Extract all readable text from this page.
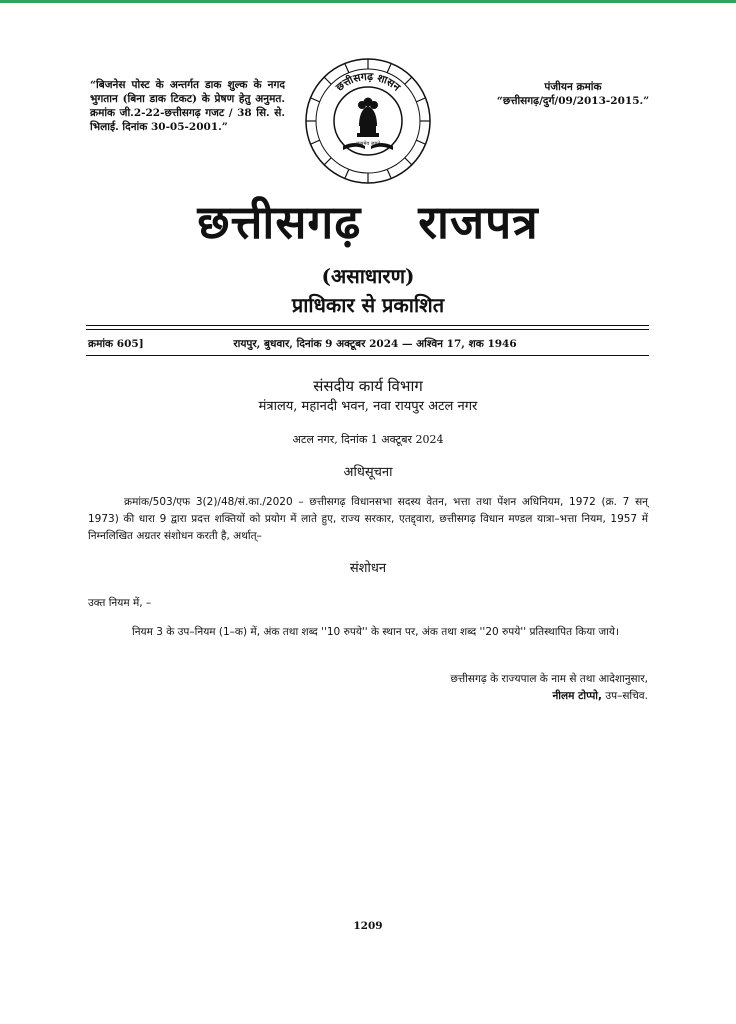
“बिजनेस पोस्ट के अन्तर्गत डाक शुल्क के नगद भुगतान (बिना डाक टिकट) के प्रेषण हेतु अनुमत. क्रमांक जी.2-22-छत्तीसगढ़ गजट / 38 सि. से. भिलाई. दिनांक 30-05-2001.”
पंजीयन क्रमांक
“छत्तीसगढ़/दुर्ग/09/2013-2015.”
छत्तीसगढ़ शासन
सत्यमेव जयते
छत्तीसगढ़ राजपत्र
(असाधारण)
प्राधिकार से प्रकाशित
क्रमांक 605]	रायपुर, बुधवार, दिनांक 9 अक्टूबर 2024 — अश्विन 17, शक 1946
संसदीय कार्य विभाग
मंत्रालय, महानदी भवन, नवा रायपुर अटल नगर
अटल नगर, दिनांक 1 अक्टूबर 2024
अधिसूचना
क्रमांक/503/एफ 3(2)/48/सं.का./2020 – छत्तीसगढ़ विधानसभा सदस्य वेतन, भत्ता तथा पेंशन अधिनियम, 1972 (क्र. 7 सन् 1973) की धारा 9 द्वारा प्रदत्त शक्तियों को प्रयोग में लाते हुए, राज्य सरकार, एतद्द्वारा, छत्तीसगढ़ विधान मण्डल यात्रा–भत्ता नियम, 1957 में निम्नलिखित अग्रतर संशोधन करती है, अर्थात्–
संशोधन
उक्त नियम में, –
नियम 3 के उप–नियम (1–क) में, अंक तथा शब्द ''10 रुपये'' के स्थान पर, अंक तथा शब्द ''20 रुपये'' प्रतिस्थापित किया जाये।
छत्तीसगढ़ के राज्यपाल के नाम से तथा आदेशानुसार,
नीलम टोप्पो, उप–सचिव.
1209
